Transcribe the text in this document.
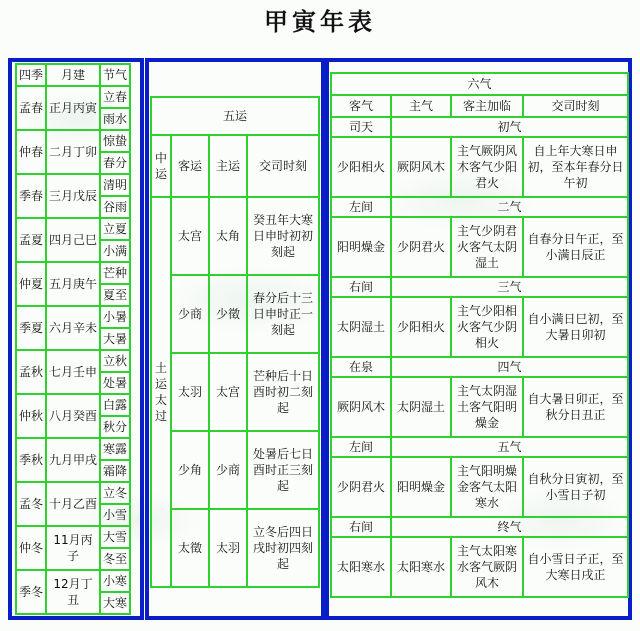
甲寅年表
四季	月建	节气
孟春	正月丙寅	立春
		雨水
仲春	二月丁卯	惊蛰
		春分
季春	三月戊辰	清明
		谷雨
孟夏	四月己巳	立夏
		小满
仲夏	五月庚午	芒种
		夏至
季夏	六月辛未	小暑
		大暑
孟秋	七月壬申	立秋
		处暑
仲秋	八月癸酉	白露
		秋分
季秋	九月甲戌	寒露
		霜降
孟冬	十月乙酉	立冬
		小雪
仲冬	11月丙子	大雪
		冬至
季冬	12月丁丑	小寒
		大寒
五运			
中运	客运	主运	交司时刻
土运太过	太宫	太角	癸丑年大寒日申时初初刻起
	少商	少徵	春分后十三日申时正一刻起
	太羽	太宫	芒种后十日酉时初二刻起
	少角	少商	处暑后七日酉时正三刻起
	太徵	太羽	立冬后四日戌时初四刻起
六气			
客气	主气	客主加临	交司时刻
司天	初气		
少阳相火	厥阴风木	主气厥阴风木客气少阳君火	自上年大寒日申初，至本年春分日午初
左间	二气		
阳明燥金	少阴君火	主气少阴君火客气太阴湿土	自春分日午正，至小满日辰正
右间	三气		
太阴湿土	少阳相火	主气少阳相火客气少阴相火	自小满日巳初，至大暑日卯初
在泉	四气		
厥阴风木	太阴湿土	主气太阴湿土客气阳明燥金	自大暑日卯正，至秋分日丑正
左间	五气		
少阴君火	阳明燥金	主气阳明燥金客气太阳寒水	自秋分日寅初，至小雪日子初
右间	终气		
太阳寒水	太阳寒水	主气太阳寒水客气厥阴风木	自小雪日子正，至大寒日戌正
